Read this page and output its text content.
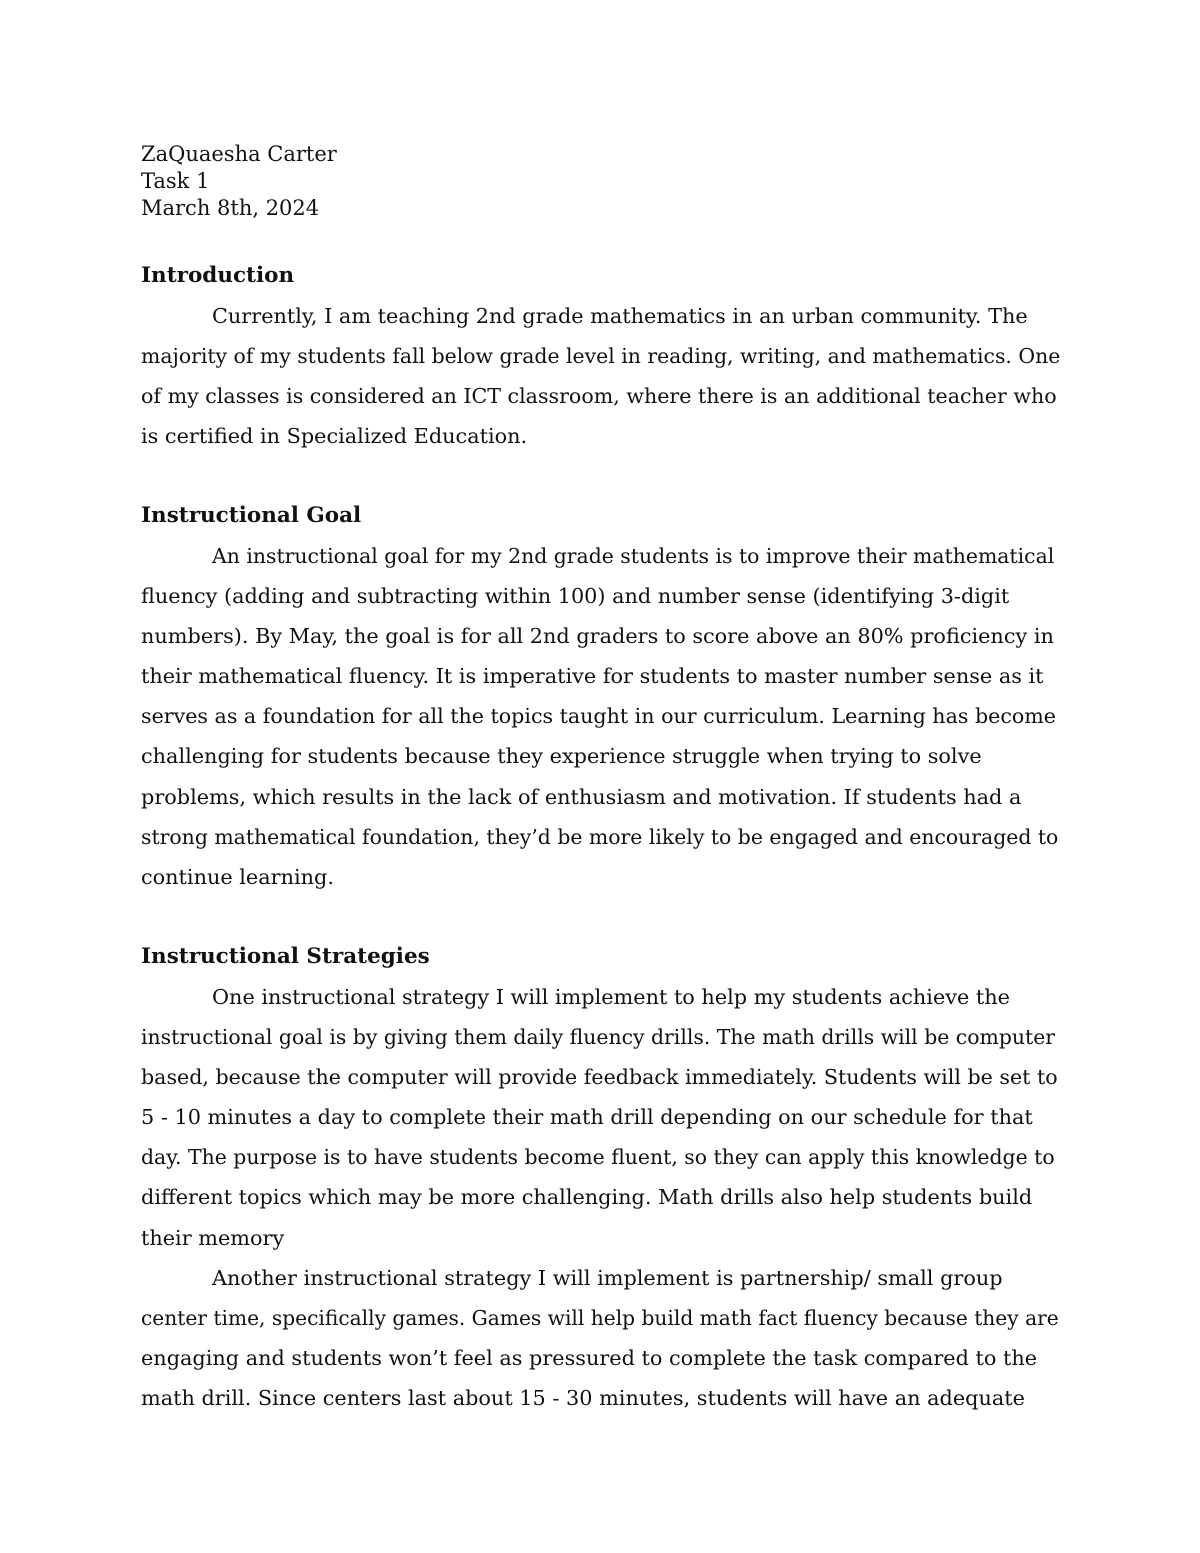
ZaQuaesha Carter
Task 1
March 8th, 2024
Introduction
Currently, I am teaching 2nd grade mathematics in an urban community. The
majority of my students fall below grade level in reading, writing, and mathematics. One
of my classes is considered an ICT classroom, where there is an additional teacher who
is certified in Specialized Education.
Instructional Goal
An instructional goal for my 2nd grade students is to improve their mathematical
fluency (adding and subtracting within 100) and number sense (identifying 3-digit
numbers). By May, the goal is for all 2nd graders to score above an 80% proficiency in
their mathematical fluency. It is imperative for students to master number sense as it
serves as a foundation for all the topics taught in our curriculum. Learning has become
challenging for students because they experience struggle when trying to solve
problems, which results in the lack of enthusiasm and motivation. If students had a
strong mathematical foundation, they’d be more likely to be engaged and encouraged to
continue learning.
Instructional Strategies
One instructional strategy I will implement to help my students achieve the
instructional goal is by giving them daily fluency drills. The math drills will be computer
based, because the computer will provide feedback immediately. Students will be set to
5 - 10 minutes a day to complete their math drill depending on our schedule for that
day. The purpose is to have students become fluent, so they can apply this knowledge to
different topics which may be more challenging. Math drills also help students build
their memory
Another instructional strategy I will implement is partnership/ small group
center time, specifically games. Games will help build math fact fluency because they are
engaging and students won’t feel as pressured to complete the task compared to the
math drill. Since centers last about 15 - 30 minutes, students will have an adequate
